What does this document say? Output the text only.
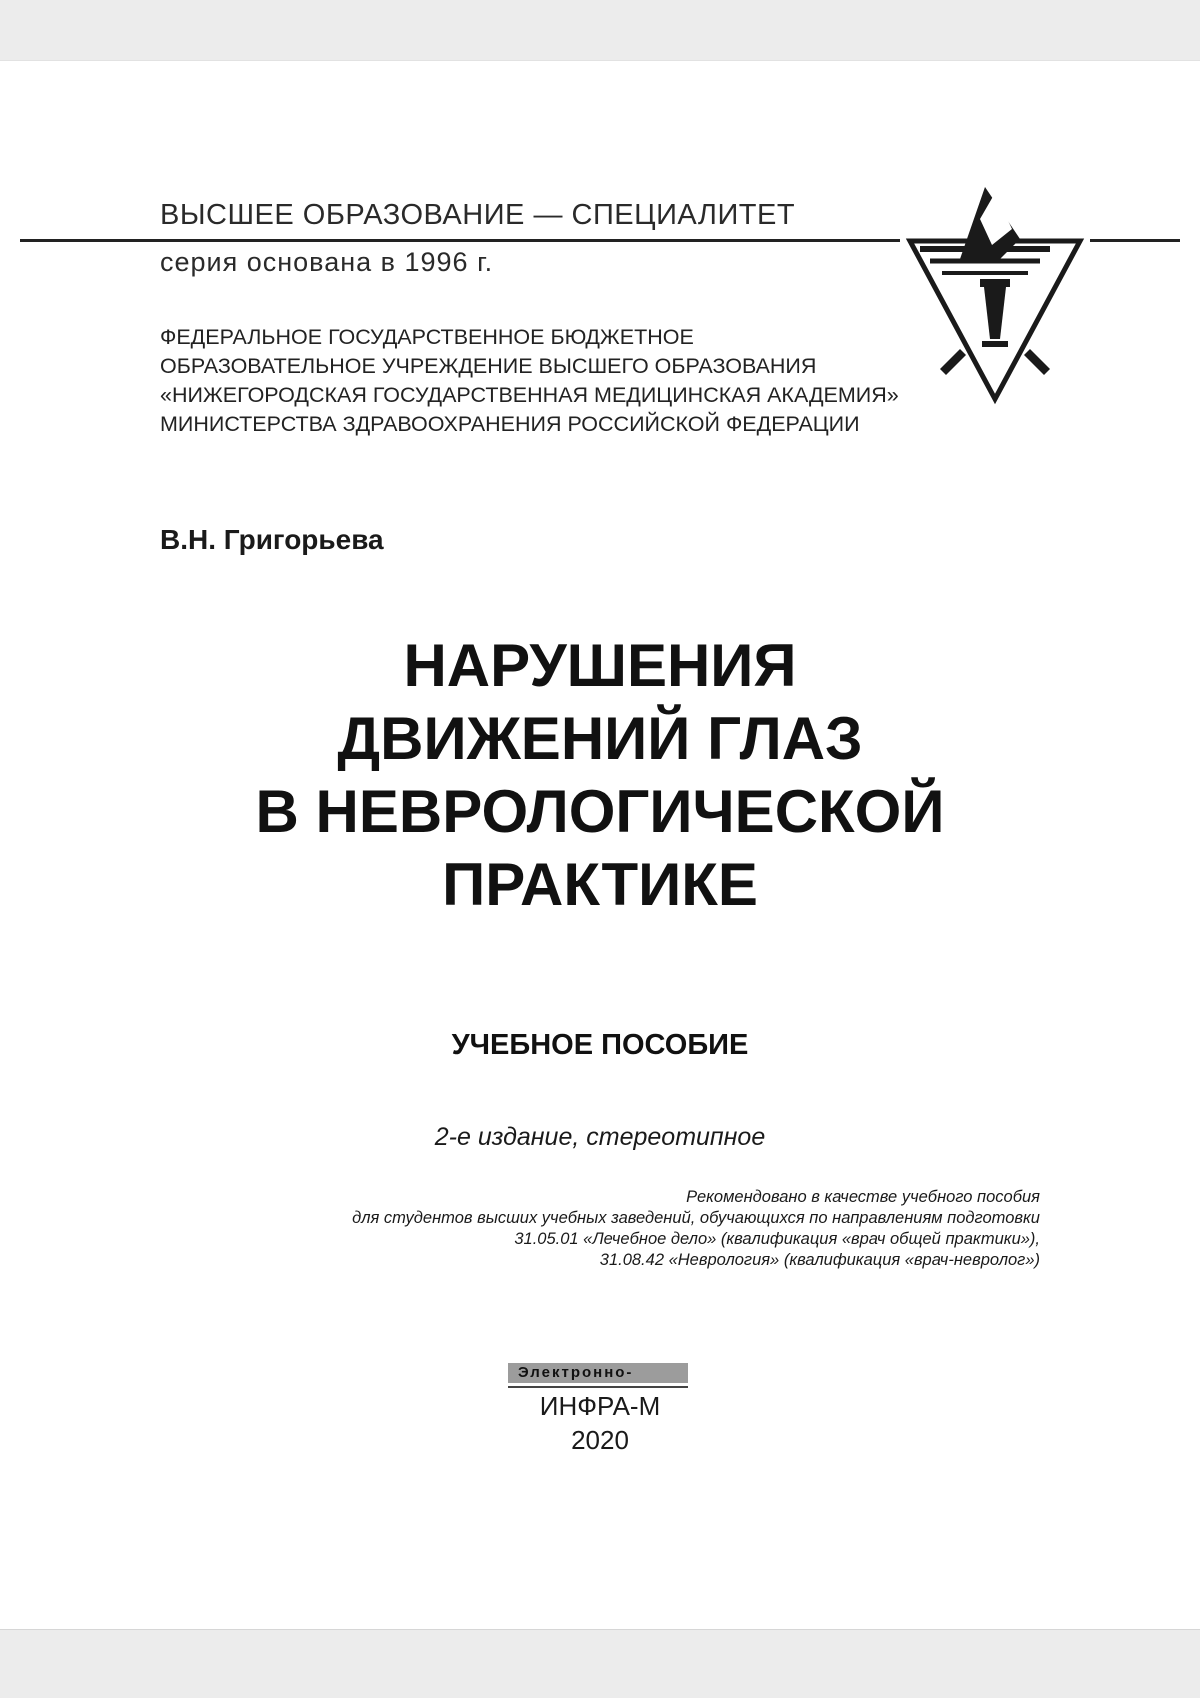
ВЫСШЕЕ ОБРАЗОВАНИЕ — СПЕЦИАЛИТЕТ
серия основана в 1996 г.
ФЕДЕРАЛЬНОЕ ГОСУДАРСТВЕННОЕ БЮДЖЕТНОЕ
ОБРАЗОВАТЕЛЬНОЕ УЧРЕЖДЕНИЕ ВЫСШЕГО ОБРАЗОВАНИЯ
«НИЖЕГОРОДСКАЯ ГОСУДАРСТВЕННАЯ МЕДИЦИНСКАЯ АКАДЕМИЯ»
МИНИСТЕРСТВА ЗДРАВООХРАНЕНИЯ РОССИЙСКОЙ ФЕДЕРАЦИИ
В.Н. Григорьева
НАРУШЕНИЯ
ДВИЖЕНИЙ ГЛАЗ
В НЕВРОЛОГИЧЕСКОЙ
ПРАКТИКЕ
УЧЕБНОЕ ПОСОБИЕ
2-е издание, стереотипное
Рекомендовано в качестве учебного пособия
для студентов высших учебных заведений, обучающихся по направлениям подготовки
31.05.01 «Лечебное дело» (квалификация «врач общей практики»),
31.08.42 «Неврология» (квалификация «врач-невролог»)
Электронно-
ИНФРА-М
2020
